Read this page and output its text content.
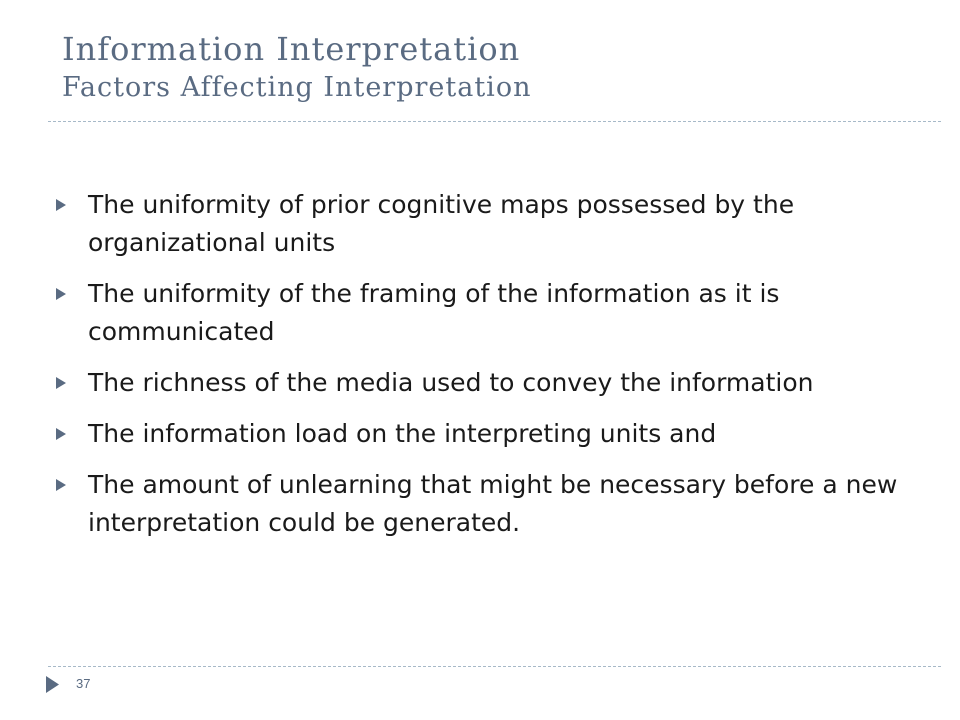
Information Interpretation
Factors Affecting Interpretation
The uniformity of prior cognitive maps possessed by the organizational units
The uniformity of the framing of the information as it is communicated
The richness of the media used to convey the information
The information load on the interpreting units and
The amount of unlearning that might be necessary before a new interpretation could be generated.
37
